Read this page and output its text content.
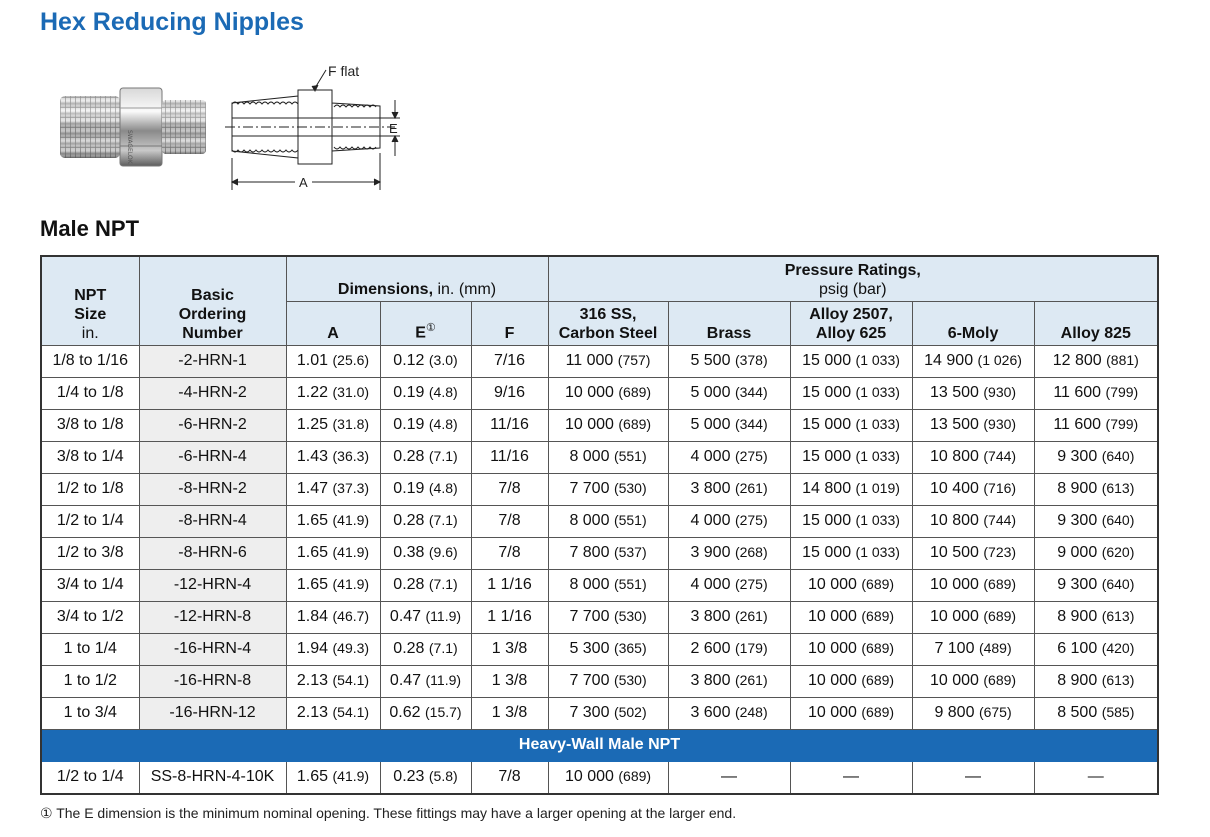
Hex Reducing Nipples
SWAGELOK
F flat
E
A
Male NPT
NPT
Size
in.	Basic
Ordering
Number	Dimensions, in. (mm)			Pressure Ratings,
psig (bar)				
		A	E①	F	316 SS,
Carbon Steel	Brass	Alloy 2507,
Alloy 625	6-Moly	Alloy 825
1/8 to 1/16	-2-HRN-1	1.01 (25.6)	0.12 (3.0)	7/16	11 000 (757)	5 500 (378)	15 000 (1 033)	14 900 (1 026)	12 800 (881)
1/4 to 1/8	-4-HRN-2	1.22 (31.0)	0.19 (4.8)	9/16	10 000 (689)	5 000 (344)	15 000 (1 033)	13 500 (930)	11 600 (799)
3/8 to 1/8	-6-HRN-2	1.25 (31.8)	0.19 (4.8)	11/16	10 000 (689)	5 000 (344)	15 000 (1 033)	13 500 (930)	11 600 (799)
3/8 to 1/4	-6-HRN-4	1.43 (36.3)	0.28 (7.1)	11/16	8 000 (551)	4 000 (275)	15 000 (1 033)	10 800 (744)	9 300 (640)
1/2 to 1/8	-8-HRN-2	1.47 (37.3)	0.19 (4.8)	7/8	7 700 (530)	3 800 (261)	14 800 (1 019)	10 400 (716)	8 900 (613)
1/2 to 1/4	-8-HRN-4	1.65 (41.9)	0.28 (7.1)	7/8	8 000 (551)	4 000 (275)	15 000 (1 033)	10 800 (744)	9 300 (640)
1/2 to 3/8	-8-HRN-6	1.65 (41.9)	0.38 (9.6)	7/8	7 800 (537)	3 900 (268)	15 000 (1 033)	10 500 (723)	9 000 (620)
3/4 to 1/4	-12-HRN-4	1.65 (41.9)	0.28 (7.1)	1 1/16	8 000 (551)	4 000 (275)	10 000 (689)	10 000 (689)	9 300 (640)
3/4 to 1/2	-12-HRN-8	1.84 (46.7)	0.47 (11.9)	1 1/16	7 700 (530)	3 800 (261)	10 000 (689)	10 000 (689)	8 900 (613)
1 to 1/4	-16-HRN-4	1.94 (49.3)	0.28 (7.1)	1 3/8	5 300 (365)	2 600 (179)	10 000 (689)	7 100 (489)	6 100 (420)
1 to 1/2	-16-HRN-8	2.13 (54.1)	0.47 (11.9)	1 3/8	7 700 (530)	3 800 (261)	10 000 (689)	10 000 (689)	8 900 (613)
1 to 3/4	-16-HRN-12	2.13 (54.1)	0.62 (15.7)	1 3/8	7 300 (502)	3 600 (248)	10 000 (689)	9 800 (675)	8 500 (585)
Heavy-Wall Male NPT									
1/2 to 1/4	SS-8-HRN-4-10K	1.65 (41.9)	0.23 (5.8)	7/8	10 000 (689)	—	—	—	—
① The E dimension is the minimum nominal opening. These fittings may have a larger opening at the larger end.
